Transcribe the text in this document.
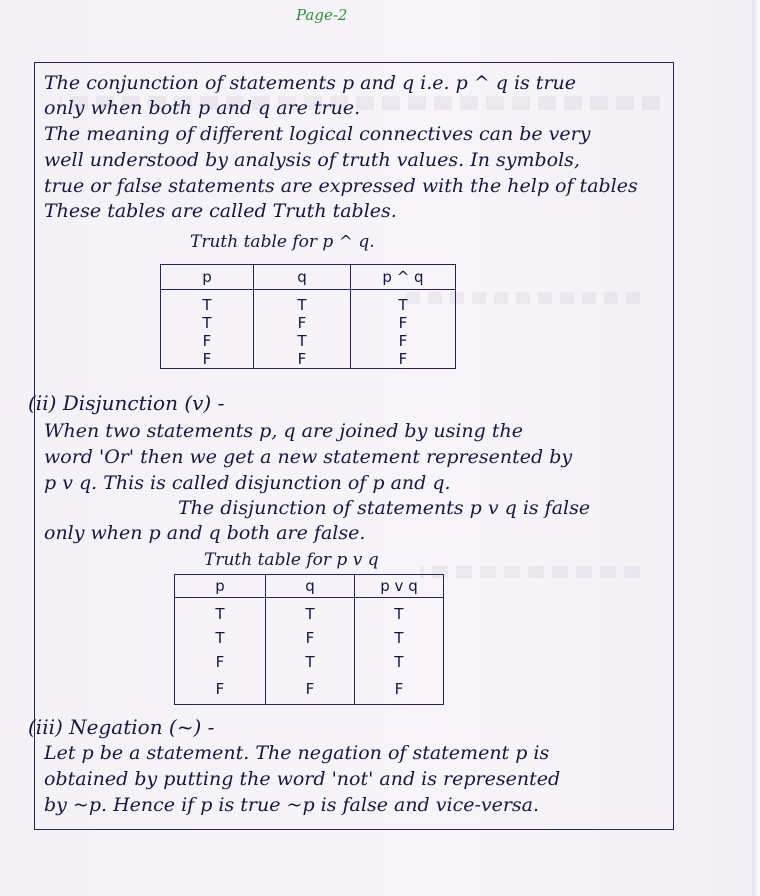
Page-2
The conjunction of statements p and q i.e. p ^ q is true
only when both p and q are true.
The meaning of different logical connectives can be very
well understood by analysis of truth values. In symbols,
true or false statements are expressed with the help of tables
These tables are called Truth tables.
Truth table for p ^ q.
p	q	p ^ q
T	T	T
T	F	F
F	T	F
F	F	F
(ii) Disjunction (v) -
When two statements p, q are joined by using the
word 'Or' then we get a new statement represented by
p v q. This is called disjunction of p and q.
The disjunction of statements p v q is false
only when p and q both are false.
Truth table for p v q
p	q	p v q
T	T	T
T	F	T
F	T	T
F	F	F
(iii) Negation (~) -
Let p be a statement. The negation of statement p is
obtained by putting the word 'not' and is represented
by ~p. Hence if p is true ~p is false and vice-versa.
